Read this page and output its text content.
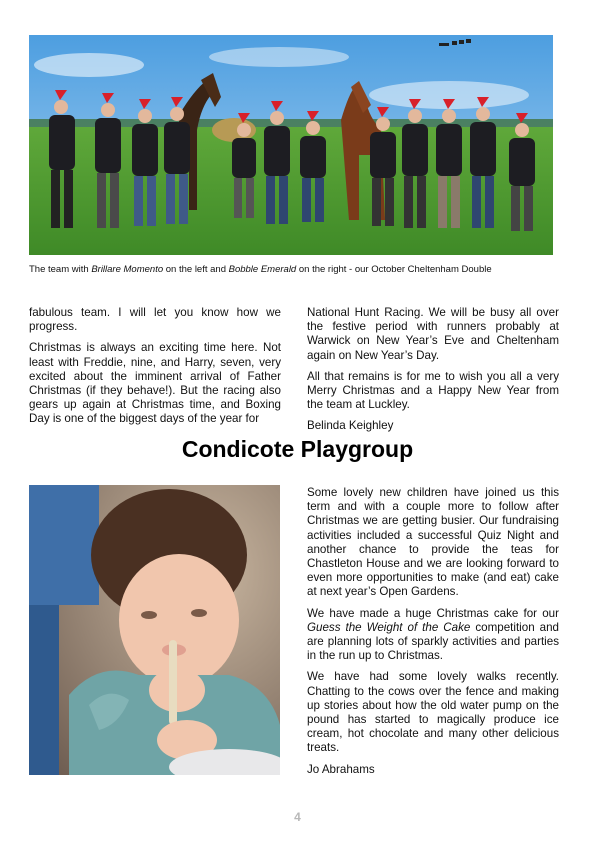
The team with Brillare Momento on the left and Bobble Emerald on the right - our October Cheltenham Double

fabulous team. I will let you know how we progress.

Christmas is always an exciting time here. Not least with Freddie, nine, and Harry, seven, very excited about the imminent arrival of Father Christmas (if they behave!). But the racing also gears up again at Christmas time, and Boxing Day is one of the biggest days of the year for

National Hunt Racing. We will be busy all over the festive period with runners probably at Warwick on New Year’s Eve and Cheltenham again on New Year’s Day.

All that remains is for me to wish you all a very Merry Christmas and a Happy New Year from the team at Luckley.

Belinda Keighley

Condicote Playgroup

Some lovely new children have joined us this term and with a couple more to follow after Christmas we are getting busier. Our fundraising activities included a successful Quiz Night and another chance to provide the teas for Chastleton House and we are looking forward to even more opportunities to make (and eat) cake at next year’s Open Gardens.

We have made a huge Christmas cake for our Guess the Weight of the Cake competition and are planning lots of sparkly activities and parties in the run up to Christmas.

We have had some lovely walks recently. Chatting to the cows over the fence and making up stories about how the old water pump on the pound has started to magically produce ice cream, hot chocolate and many other delicious treats.

Jo Abrahams

4
